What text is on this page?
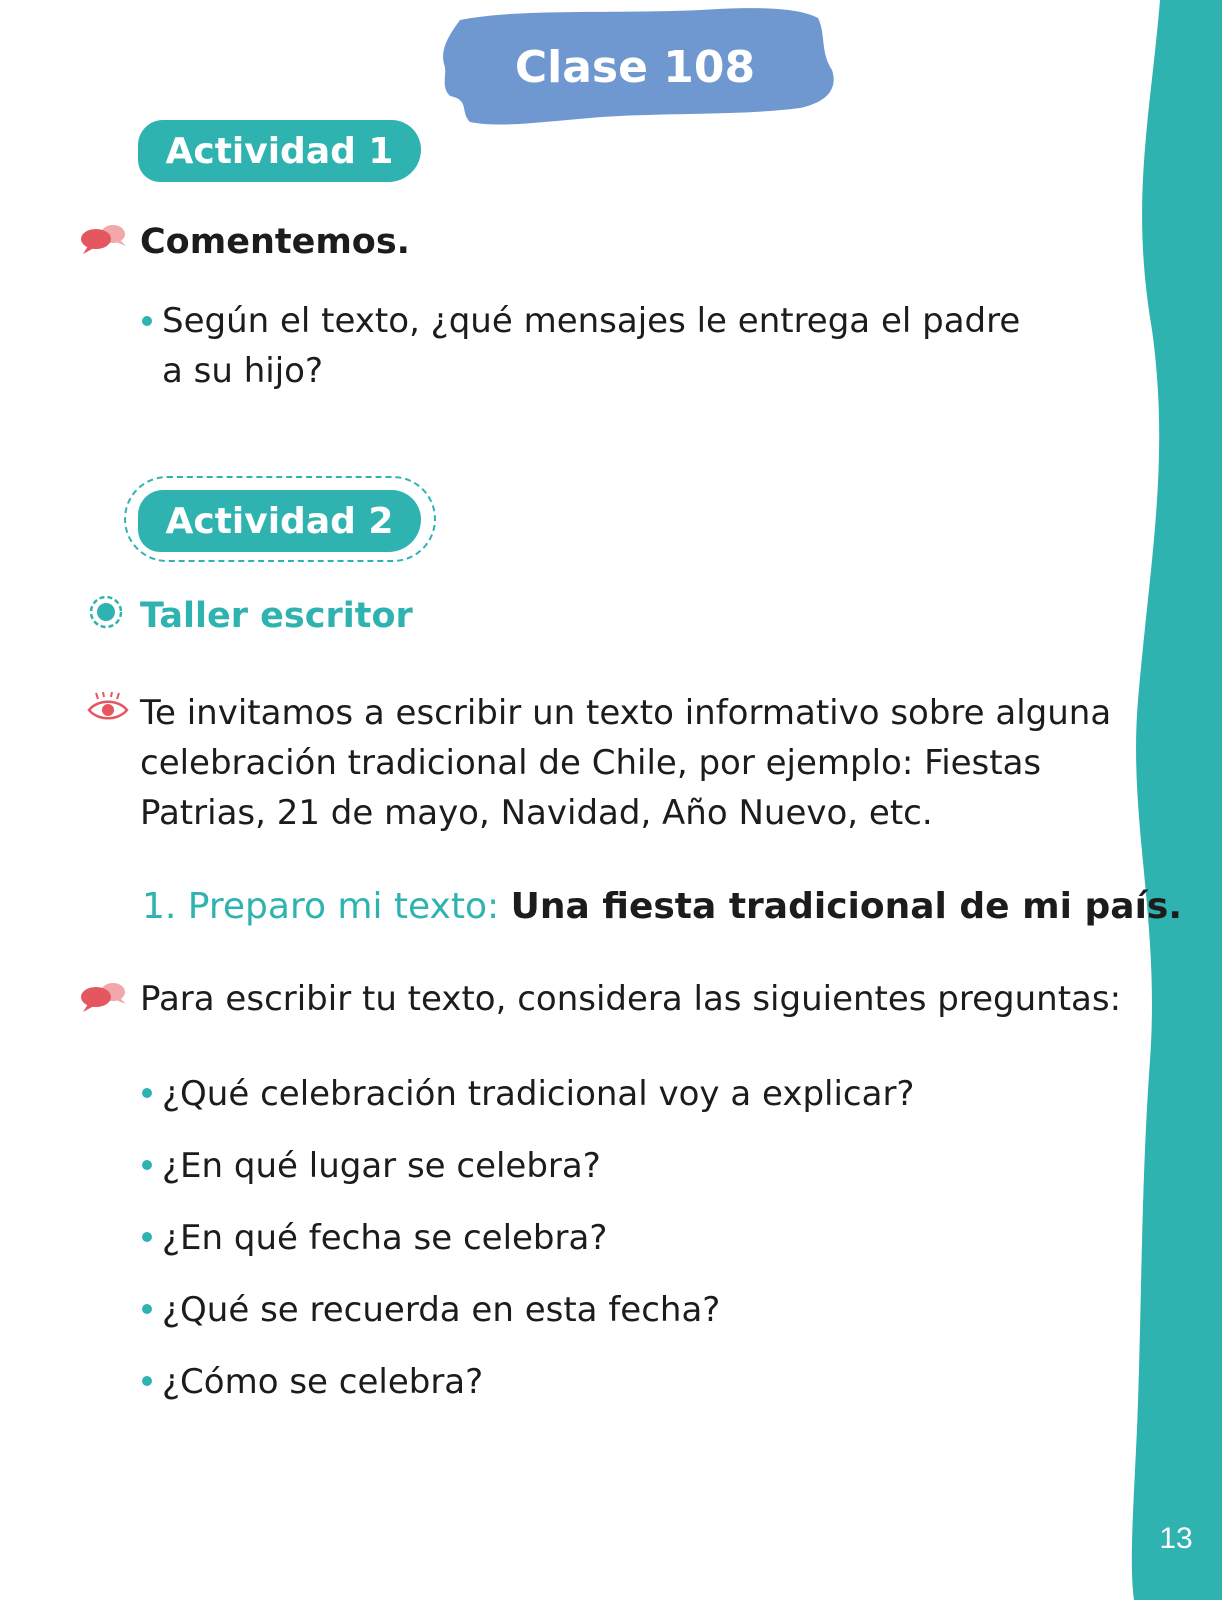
13
Clase 108
Actividad 1
Comentemos.
Según el texto, ¿qué mensajes le entrega el padre
a su hijo?
Actividad 2
Taller escritor
Te invitamos a escribir un texto informativo sobre alguna
celebración tradicional de Chile, por ejemplo: Fiestas
Patrias, 21 de mayo, Navidad, Año Nuevo, etc.
1. Preparo mi texto: Una fiesta tradicional de mi país.
Para escribir tu texto, considera las siguientes preguntas:
¿Qué celebración tradicional voy a explicar?
¿En qué lugar se celebra?
¿En qué fecha se celebra?
¿Qué se recuerda en esta fecha?
¿Cómo se celebra?
